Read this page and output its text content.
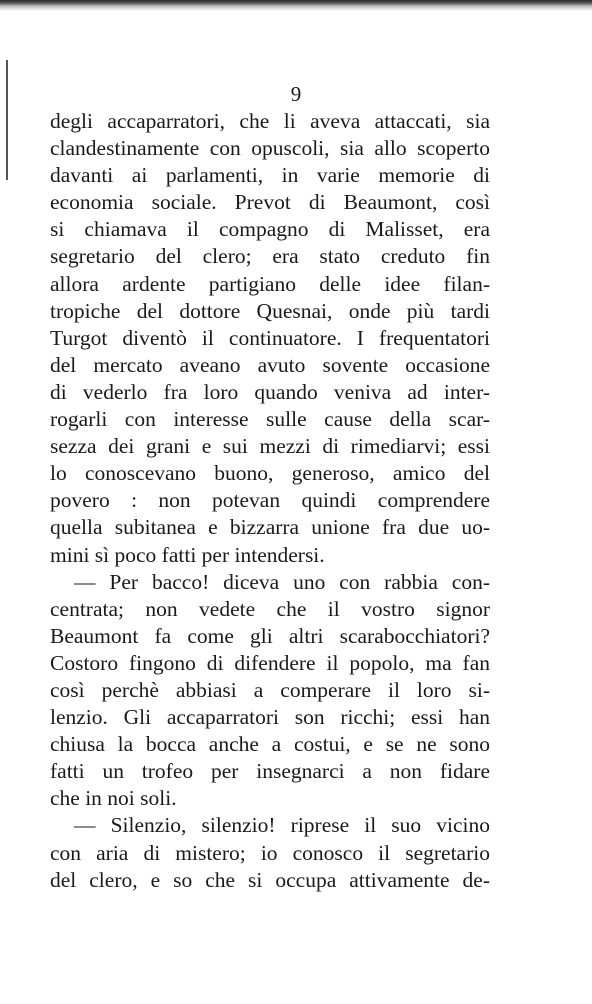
9
degli accaparratori, che li aveva attaccati, sia
clandestinamente con opuscoli, sia allo scoperto
davanti ai parlamenti, in varie memorie di
economia sociale. Prevot di Beaumont, così
si chiamava il compagno di Malisset, era
segretario del clero; era stato creduto fin
allora ardente partigiano delle idee filan-
tropiche del dottore Quesnai, onde più tardi
Turgot diventò il continuatore. I frequentatori
del mercato aveano avuto sovente occasione
di vederlo fra loro quando veniva ad inter-
rogarli con interesse sulle cause della scar-
sezza dei grani e sui mezzi di rimediarvi; essi
lo conoscevano buono, generoso, amico del
povero : non potevan quindi comprendere
quella subitanea e bizzarra unione fra due uo-
mini sì poco fatti per intendersi.
— Per bacco! diceva uno con rabbia con-
centrata; non vedete che il vostro signor
Beaumont fa come gli altri scarabocchiatori?
Costoro fingono di difendere il popolo, ma fan
così perchè abbiasi a comperare il loro si-
lenzio. Gli accaparratori son ricchi; essi han
chiusa la bocca anche a costui, e se ne sono
fatti un trofeo per insegnarci a non fidare
che in noi soli.
— Silenzio, silenzio! riprese il suo vicino
con aria di mistero; io conosco il segretario
del clero, e so che si occupa attivamente de-
